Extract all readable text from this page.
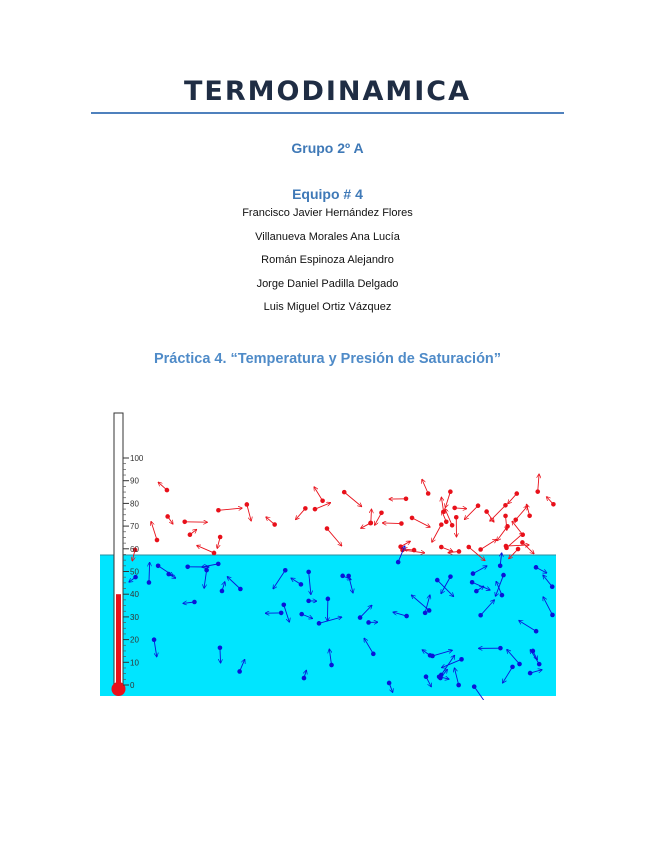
TERMODINAMICA
Grupo 2º A
Equipo # 4
Francisco Javier Hernández Flores
Villanueva Morales Ana Lucía
Román Espinoza Alejandro
Jorge Daniel Padilla Delgado
Luis Miguel Ortiz Vázquez
Práctica 4. “Temperatura y Presión de Saturación”
100
90
80
70
60
50
40
30
20
10
0
